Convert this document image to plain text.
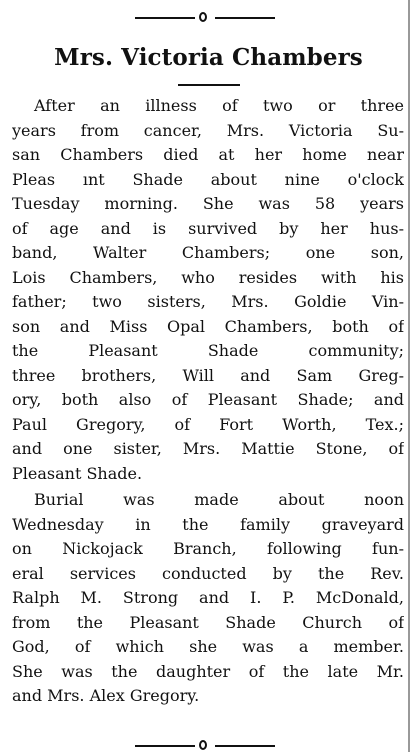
Mrs. Victoria Chambers
After an illness of two or three
years from cancer, Mrs. Victoria Su-
san Chambers died at her home near
Pleas ınt Shade about nine o'clock
Tuesday morning. She was 58 years
of age and is survived by her hus-
band, Walter Chambers; one son,
Lois Chambers, who resides with his
father; two sisters, Mrs. Goldie Vin-
son and Miss Opal Chambers, both of
the Pleasant Shade community;
three brothers, Will and Sam Greg-
ory, both also of Pleasant Shade; and
Paul Gregory, of Fort Worth, Tex.;
and one sister, Mrs. Mattie Stone, of
Pleasant Shade.
Burial was made about noon
Wednesday in the family graveyard
on Nickojack Branch, following fun-
eral services conducted by the Rev.
Ralph M. Strong and I. P. McDonald,
from the Pleasant Shade Church of
God, of which she was a member.
She was the daughter of the late Mr.
and Mrs. Alex Gregory.
